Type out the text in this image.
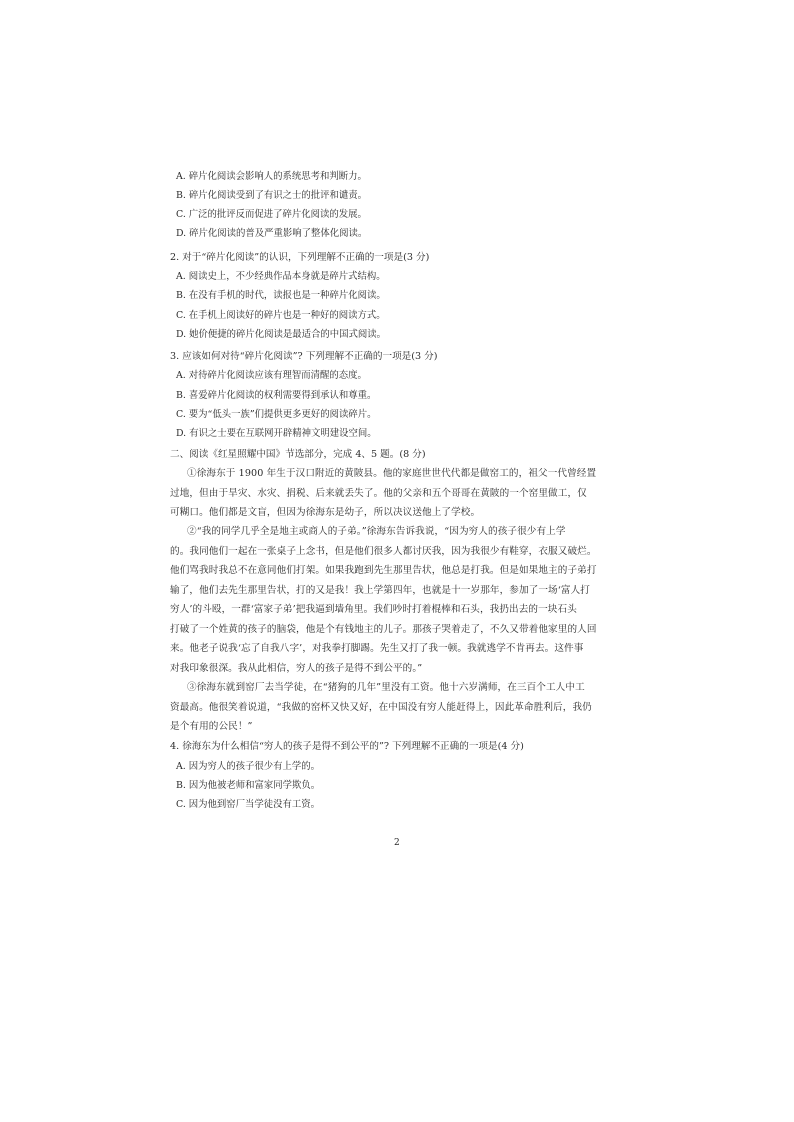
A. 碎片化阅读会影响人的系统思考和判断力。
B. 碎片化阅读受到了有识之士的批评和谴责。
C. 广泛的批评反而促进了碎片化阅读的发展。
D. 碎片化阅读的普及严重影响了整体化阅读。
2. 对于“碎片化阅读”的认识，下列理解不正确的一项是(3 分)
A. 阅读史上，不少经典作品本身就是碎片式结构。
B. 在没有手机的时代，读报也是一种碎片化阅读。
C. 在手机上阅读好的碎片也是一种好的阅读方式。
D. 她价便捷的碎片化阅读是最适合的中国式阅读。
3. 应该如何对待“碎片化阅读”? 下列理解不正确的一项是(3 分)
A. 对待碎片化阅读应该有理智而清醒的态度。
B. 喜爱碎片化阅读的权利需要得到承认和尊重。
C. 要为“低头一族”们提供更多更好的阅读碎片。
D. 有识之士要在互联网开辟精神文明建设空间。
二、阅读《红星照耀中国》节选部分，完成 4、5 题。(8 分)
①徐海东于 1900 年生于汉口附近的黄陂县。他的家庭世世代代都是做窑工的，祖父一代曾经置
过地，但由于旱灾、水灾、捐税、后来就丢失了。他的父亲和五个哥哥在黄陂的一个窑里做工，仅
可糊口。他们都是文盲，但因为徐海东是幼子，所以决议送他上了学校。
②“我的同学几乎全是地主或商人的子弟。”徐海东告诉我说，“因为穷人的孩子很少有上学
的。我同他们一起在一张桌子上念书，但是他们很多人都讨厌我，因为我很少有鞋穿，衣服又破烂。
他们骂我时我总不在意同他们打架。如果我跑到先生那里告状，他总是打我。但是如果地主的子弟打
输了，他们去先生那里告状，打的又是我！我上学第四年，也就是十一岁那年，参加了一场‘富人打
穷人’的斗殴，一群‘富家子弟’把我逼到墙角里。我们吵时打着棍棒和石头，我扔出去的一块石头
打破了一个姓黄的孩子的脑袋，他是个有钱地主的儿子。那孩子哭着走了，不久又带着他家里的人回
来。他老子说我‘忘了自我八字’，对我拳打脚踢。先生又打了我一顿。我就逃学不肯再去。这件事
对我印象很深。我从此相信，穷人的孩子是得不到公平的。”
③徐海东就到窑厂去当学徒，在“猪狗的几年”里没有工资。他十六岁满师，在三百个工人中工
资最高。他很笑着说道，“我做的窑杯又快又好，在中国没有穷人能赶得上，因此革命胜利后，我仍
是个有用的公民！”
4. 徐海东为什么相信“穷人的孩子是得不到公平的”? 下列理解不正确的一项是(4 分)
A. 因为穷人的孩子很少有上学的。
B. 因为他被老师和富家同学欺负。
C. 因为他到窑厂当学徒没有工资。
2
